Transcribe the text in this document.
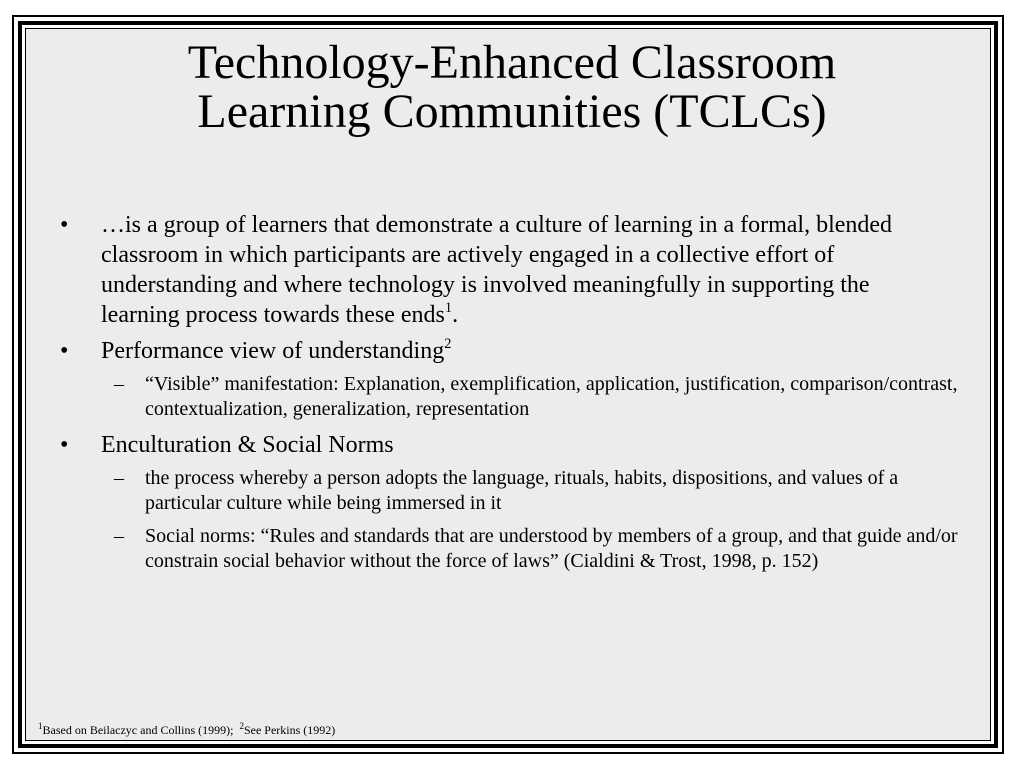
Technology-Enhanced Classroom
Learning Communities (TCLCs)
• …is a group of learners that demonstrate a culture of learning in a formal, blended classroom in which participants are actively engaged in a collective effort of understanding and where technology is involved meaningfully in supporting the learning process towards these ends$^1$.
• Performance view of understanding$^2$
– “Visible” manifestation: Explanation, exemplification, application, justification, comparison/contrast, contextualization, generalization, representation
• Enculturation & Social Norms
– the process whereby a person adopts the language, rituals, habits, dispositions, and values of a particular culture while being immersed in it
– Social norms: “Rules and standards that are understood by members of a group, and that guide and/or constrain social behavior without the force of laws” (Cialdini & Trost, 1998, p. 152)
$^1$Based on Beilaczyc and Collins (1999);  $^2$See Perkins (1992)
